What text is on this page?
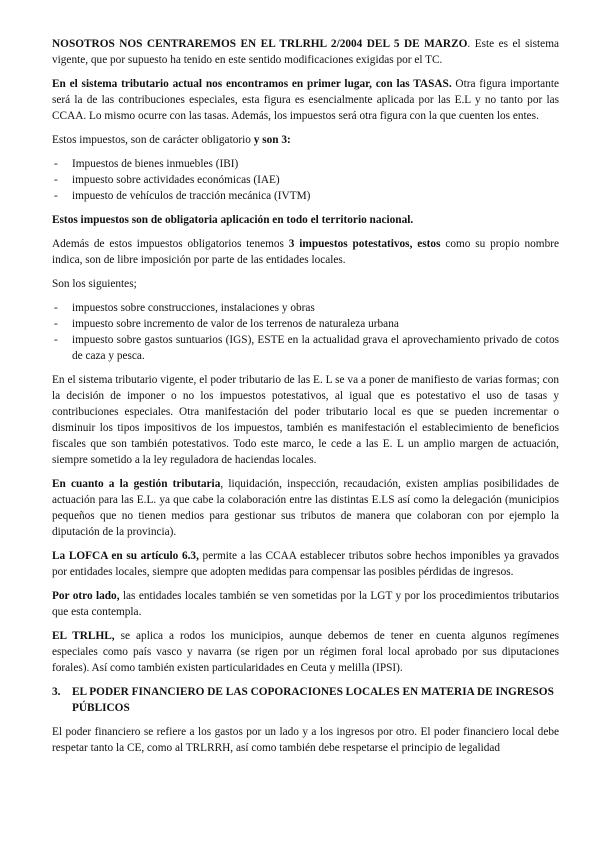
NOSOTROS NOS CENTRAREMOS EN EL TRLRHL 2/2004 DEL 5 DE MARZO. Este es el sistema vigente, que por supuesto ha tenido en este sentido modificaciones exigidas por el TC.

En el sistema tributario actual nos encontramos en primer lugar, con las TASAS. Otra figura importante será la de las contribuciones especiales, esta figura es esencialmente aplicada por las E.L y no tanto por las CCAA. Lo mismo ocurre con las tasas. Además, los impuestos será otra figura con la que cuenten los entes.

Estos impuestos, son de carácter obligatorio y son 3:

- Impuestos de bienes inmuebles (IBI)
- impuesto sobre actividades económicas (IAE)
- impuesto de vehículos de tracción mecánica (IVTM)

Estos impuestos son de obligatoria aplicación en todo el territorio nacional.

Además de estos impuestos obligatorios tenemos 3 impuestos potestativos, estos como su propio nombre indica, son de libre imposición por parte de las entidades locales.

Son los siguientes;

- impuestos sobre construcciones, instalaciones y obras
- impuesto sobre incremento de valor de los terrenos de naturaleza urbana
- impuesto sobre gastos suntuarios (IGS), ESTE en la actualidad grava el aprovechamiento privado de cotos de caza y pesca.

En el sistema tributario vigente, el poder tributario de las E. L se va a poner de manifiesto de varias formas; con la decisión de imponer o no los impuestos potestativos, al igual que es potestativo el uso de tasas y contribuciones especiales. Otra manifestación del poder tributario local es que se pueden incrementar o disminuir los tipos impositivos de los impuestos, también es manifestación el establecimiento de beneficios fiscales que son también potestativos. Todo este marco, le cede a las E. L un amplio margen de actuación, siempre sometido a la ley reguladora de haciendas locales.

En cuanto a la gestión tributaria, liquidación, inspección, recaudación, existen amplias posibilidades de actuación para las E.L. ya que cabe la colaboración entre las distintas E.LS así como la delegación (municipios pequeños que no tienen medios para gestionar sus tributos de manera que colaboran con por ejemplo la diputación de la provincia).

La LOFCA en su artículo 6.3, permite a las CCAA establecer tributos sobre hechos imponibles ya gravados por entidades locales, siempre que adopten medidas para compensar las posibles pérdidas de ingresos.

Por otro lado, las entidades locales también se ven sometidas por la LGT y por los procedimientos tributarios que esta contempla.

EL TRLHL, se aplica a rodos los municipios, aunque debemos de tener en cuenta algunos regímenes especiales como país vasco y navarra (se rigen por un régimen foral local aprobado por sus diputaciones forales). Así como también existen particularidades en Ceuta y melilla (IPSI).

3.	EL PODER FINANCIERO DE LAS COPORACIONES LOCALES EN MATERIA DE INGRESOS PÚBLICOS

El poder financiero se refiere a los gastos por un lado y a los ingresos por otro. El poder financiero local debe respetar tanto la CE, como al TRLRRH, así como también debe respetarse el principio de legalidad
